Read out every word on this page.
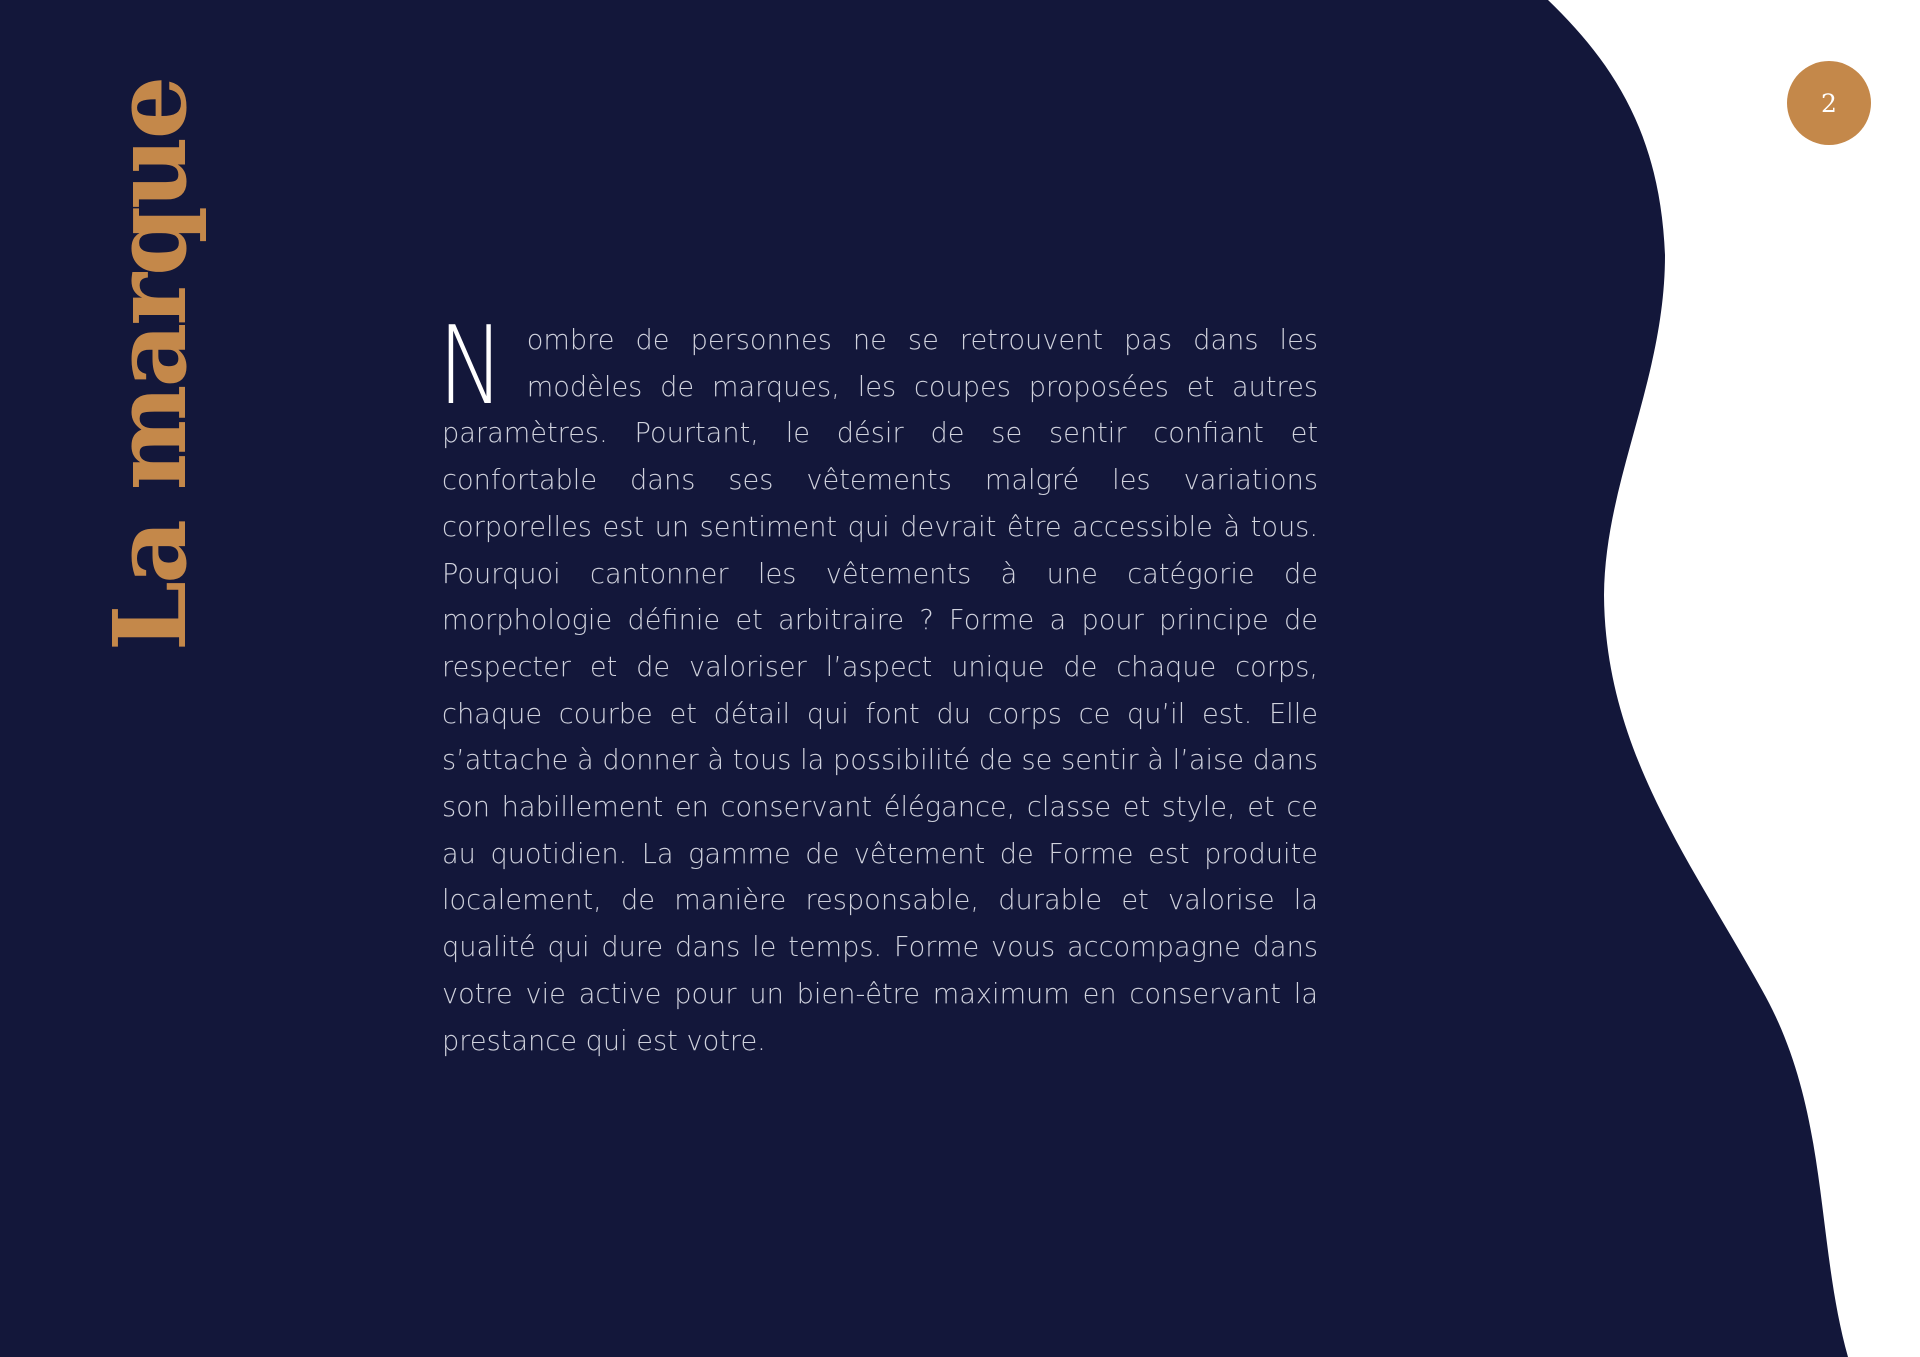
La marque	2

Nombre de personnes ne se retrouvent pas dans les modèles de marques, les coupes proposées et autres paramètres. Pourtant, le désir de se sentir confiant et confortable dans ses vêtements malgré les variations corporelles est un sentiment qui devrait être accessible à tous. Pourquoi cantonner les vêtements à une catégorie de morphologie définie et arbitraire ? Forme a pour principe de respecter et de valoriser l’aspect unique de chaque corps, chaque courbe et détail qui font du corps ce qu’il est. Elle s’attache à donner à tous la possibilité de se sentir à l’aise dans son habillement en conservant élégance, classe et style, et ce au quotidien. La gamme de vêtement de Forme est produite localement, de manière responsable, durable et valorise la qualité qui dure dans le temps. Forme vous accompagne dans votre vie active pour un bien-être maximum en conservant la prestance qui est votre.
